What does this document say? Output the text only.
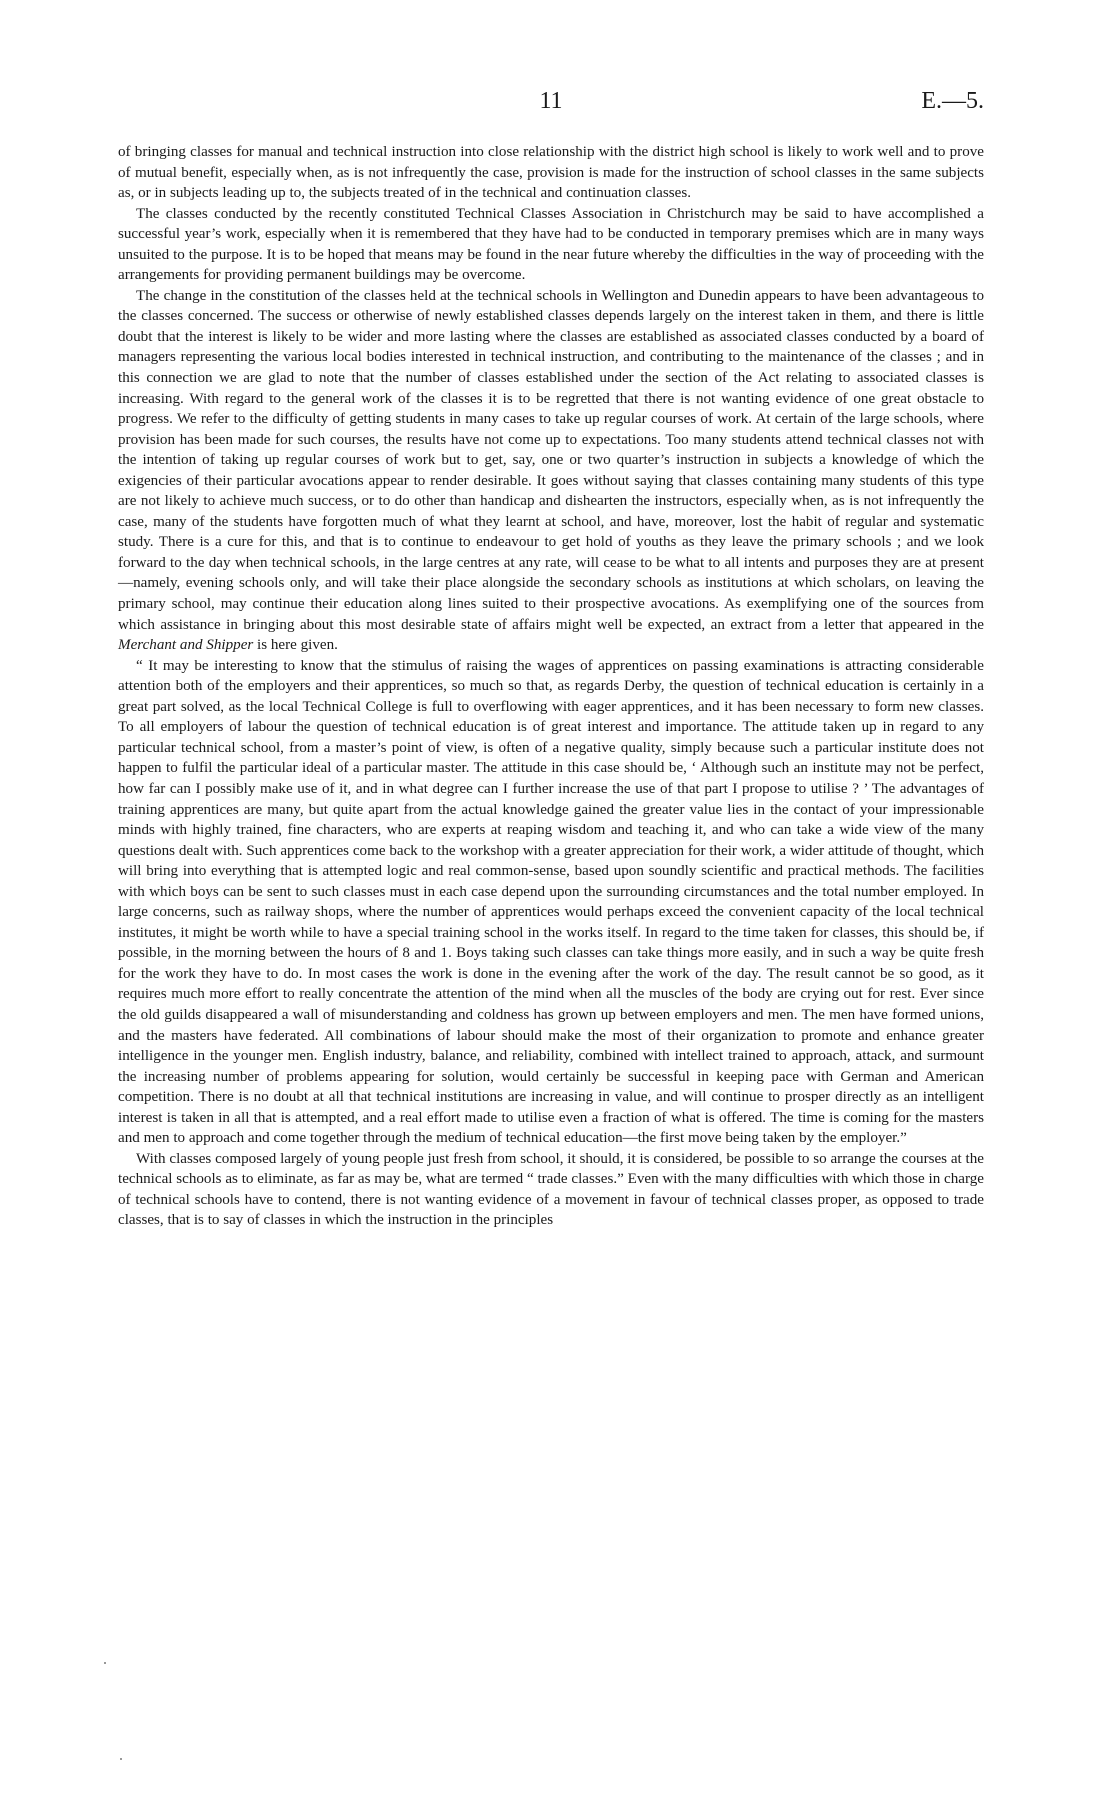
11	E.—5.

of bringing classes for manual and technical instruction into close relationship with the district high school is likely to work well and to prove of mutual benefit, especially when, as is not infrequently the case, provision is made for the instruction of school classes in the same subjects as, or in subjects leading up to, the subjects treated of in the technical and continuation classes.

The classes conducted by the recently constituted Technical Classes Association in Christchurch may be said to have accomplished a successful year’s work, especially when it is remembered that they have had to be conducted in temporary premises which are in many ways unsuited to the purpose. It is to be hoped that means may be found in the near future whereby the difficulties in the way of proceeding with the arrangements for providing permanent buildings may be overcome.

The change in the constitution of the classes held at the technical schools in Wellington and Dunedin appears to have been advantageous to the classes concerned. The success or otherwise of newly established classes depends largely on the interest taken in them, and there is little doubt that the interest is likely to be wider and more lasting where the classes are established as associated classes conducted by a board of managers representing the various local bodies interested in technical instruction, and contributing to the maintenance of the classes ; and in this connection we are glad to note that the number of classes established under the section of the Act relating to associated classes is increasing. With regard to the general work of the classes it is to be regretted that there is not wanting evidence of one great obstacle to progress. We refer to the difficulty of getting students in many cases to take up regular courses of work. At certain of the large schools, where provision has been made for such courses, the results have not come up to expectations. Too many students attend technical classes not with the intention of taking up regular courses of work but to get, say, one or two quarter’s instruction in subjects a knowledge of which the exigencies of their particular avocations appear to render desirable. It goes without saying that classes containing many students of this type are not likely to achieve much success, or to do other than handicap and dishearten the instructors, especially when, as is not infrequently the case, many of the students have forgotten much of what they learnt at school, and have, moreover, lost the habit of regular and systematic study. There is a cure for this, and that is to continue to endeavour to get hold of youths as they leave the primary schools ; and we look forward to the day when technical schools, in the large centres at any rate, will cease to be what to all intents and purposes they are at present—namely, evening schools only, and will take their place alongside the secondary schools as institutions at which scholars, on leaving the primary school, may continue their education along lines suited to their prospective avocations. As exemplifying one of the sources from which assistance in bringing about this most desirable state of affairs might well be expected, an extract from a letter that appeared in the Merchant and Shipper is here given.

“ It may be interesting to know that the stimulus of raising the wages of apprentices on passing examinations is attracting considerable attention both of the employers and their apprentices, so much so that, as regards Derby, the question of technical education is certainly in a great part solved, as the local Technical College is full to overflowing with eager apprentices, and it has been necessary to form new classes. To all employers of labour the question of technical education is of great interest and importance. The attitude taken up in regard to any particular technical school, from a master’s point of view, is often of a negative quality, simply because such a particular institute does not happen to fulfil the particular ideal of a particular master. The attitude in this case should be, ‘ Although such an institute may not be perfect, how far can I possibly make use of it, and in what degree can I further increase the use of that part I propose to utilise ? ’ The advantages of training apprentices are many, but quite apart from the actual knowledge gained the greater value lies in the contact of your impressionable minds with highly trained, fine characters, who are experts at reaping wisdom and teaching it, and who can take a wide view of the many questions dealt with. Such apprentices come back to the workshop with a greater appreciation for their work, a wider attitude of thought, which will bring into everything that is attempted logic and real common-sense, based upon soundly scientific and practical methods. The facilities with which boys can be sent to such classes must in each case depend upon the surrounding circumstances and the total number employed. In large concerns, such as railway shops, where the number of apprentices would perhaps exceed the convenient capacity of the local technical institutes, it might be worth while to have a special training school in the works itself. In regard to the time taken for classes, this should be, if possible, in the morning between the hours of 8 and 1. Boys taking such classes can take things more easily, and in such a way be quite fresh for the work they have to do. In most cases the work is done in the evening after the work of the day. The result cannot be so good, as it requires much more effort to really concentrate the attention of the mind when all the muscles of the body are crying out for rest. Ever since the old guilds disappeared a wall of misunderstanding and coldness has grown up between employers and men. The men have formed unions, and the masters have federated. All combinations of labour should make the most of their organization to promote and enhance greater intelligence in the younger men. English industry, balance, and reliability, combined with intellect trained to approach, attack, and surmount the increasing number of problems appearing for solution, would certainly be successful in keeping pace with German and American competition. There is no doubt at all that technical institutions are increasing in value, and will continue to prosper directly as an intelligent interest is taken in all that is attempted, and a real effort made to utilise even a fraction of what is offered. The time is coming for the masters and men to approach and come together through the medium of technical education—the first move being taken by the employer.”

With classes composed largely of young people just fresh from school, it should, it is considered, be possible to so arrange the courses at the technical schools as to eliminate, as far as may be, what are termed “ trade classes.” Even with the many difficulties with which those in charge of technical schools have to contend, there is not wanting evidence of a movement in favour of technical classes proper, as opposed to trade classes, that is to say of classes in which the instruction in the principles
